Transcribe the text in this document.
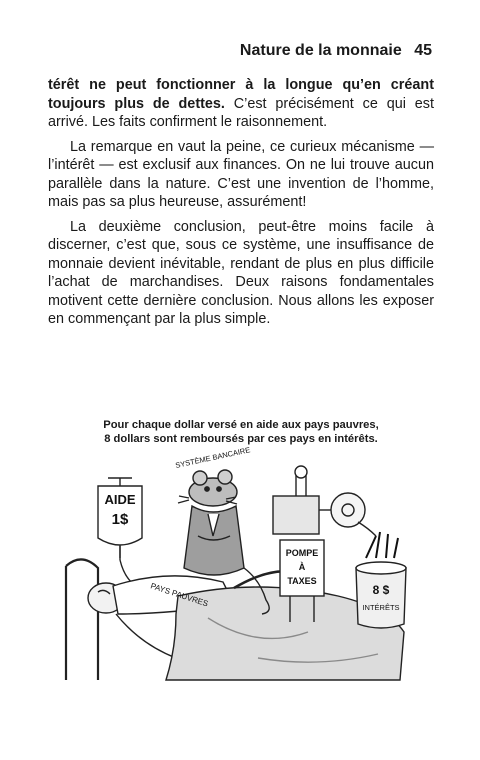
Nature de la monnaie 45

térêt ne peut fonctionner à la longue qu’en créant toujours plus de dettes. C’est précisément ce qui est arrivé. Les faits confirment le raisonnement.

La remarque en vaut la peine, ce curieux mécanisme — l’intérêt — est exclusif aux finances. On ne lui trouve aucun parallèle dans la nature. C’est une invention de l’homme, mais pas sa plus heureuse, assurément!

La deuxième conclusion, peut-être moins facile à discerner, c’est que, sous ce système, une insuffisance de monnaie devient inévitable, rendant de plus en plus difficile l’achat de marchandises. Deux raisons fondamentales motivent cette dernière conclusion. Nous allons les exposer en commençant par la plus simple.

Pour chaque dollar versé en aide aux pays pauvres,
8 dollars sont remboursés par ces pays en intérêts.
AIDE
1$
PAYS PAUVRES
SYSTÈME BANCAIRE
POMPE
À
TAXES
8 $
INTÉRÊTS
